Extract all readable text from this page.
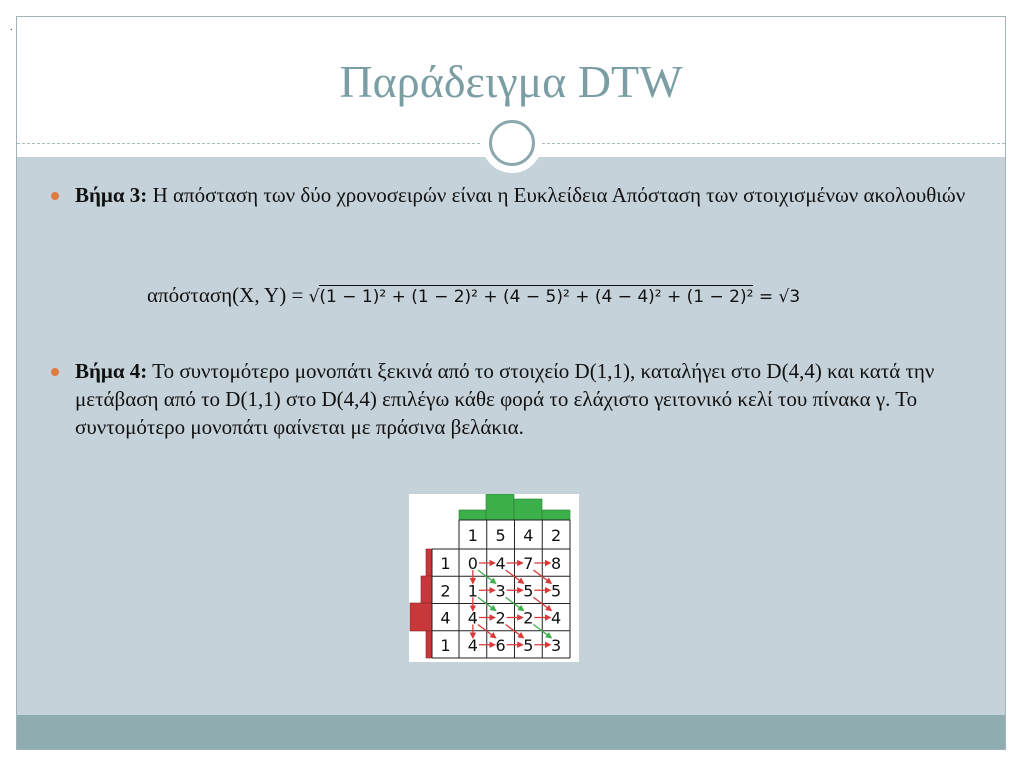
.
Παράδειγμα DTW
Βήμα 3: Η απόσταση των δύο χρονοσειρών είναι η Ευκλείδεια Απόσταση των στοιχισμένων ακολουθιών
απόσταση(X, Y) = √(1 − 1)² + (1 − 2)² + (4 − 5)² + (4 − 4)² + (1 − 2)² = √3
Βήμα 4: Το συντομότερο μονοπάτι ξεκινά από το στοιχείο D(1,1), καταλήγει στο D(4,4) και κατά την μετάβαση από το D(1,1) στο D(4,4) επιλέγω κάθε φορά το ελάχιστο γειτονικό κελί του πίνακα γ. Το συντομότερο μονοπάτι φαίνεται με πράσινα βελάκια.
1 5 4 2
1
2
4
1
0 4 7 8
1 3 5 5
4 2 2 4
4 6 5 3
